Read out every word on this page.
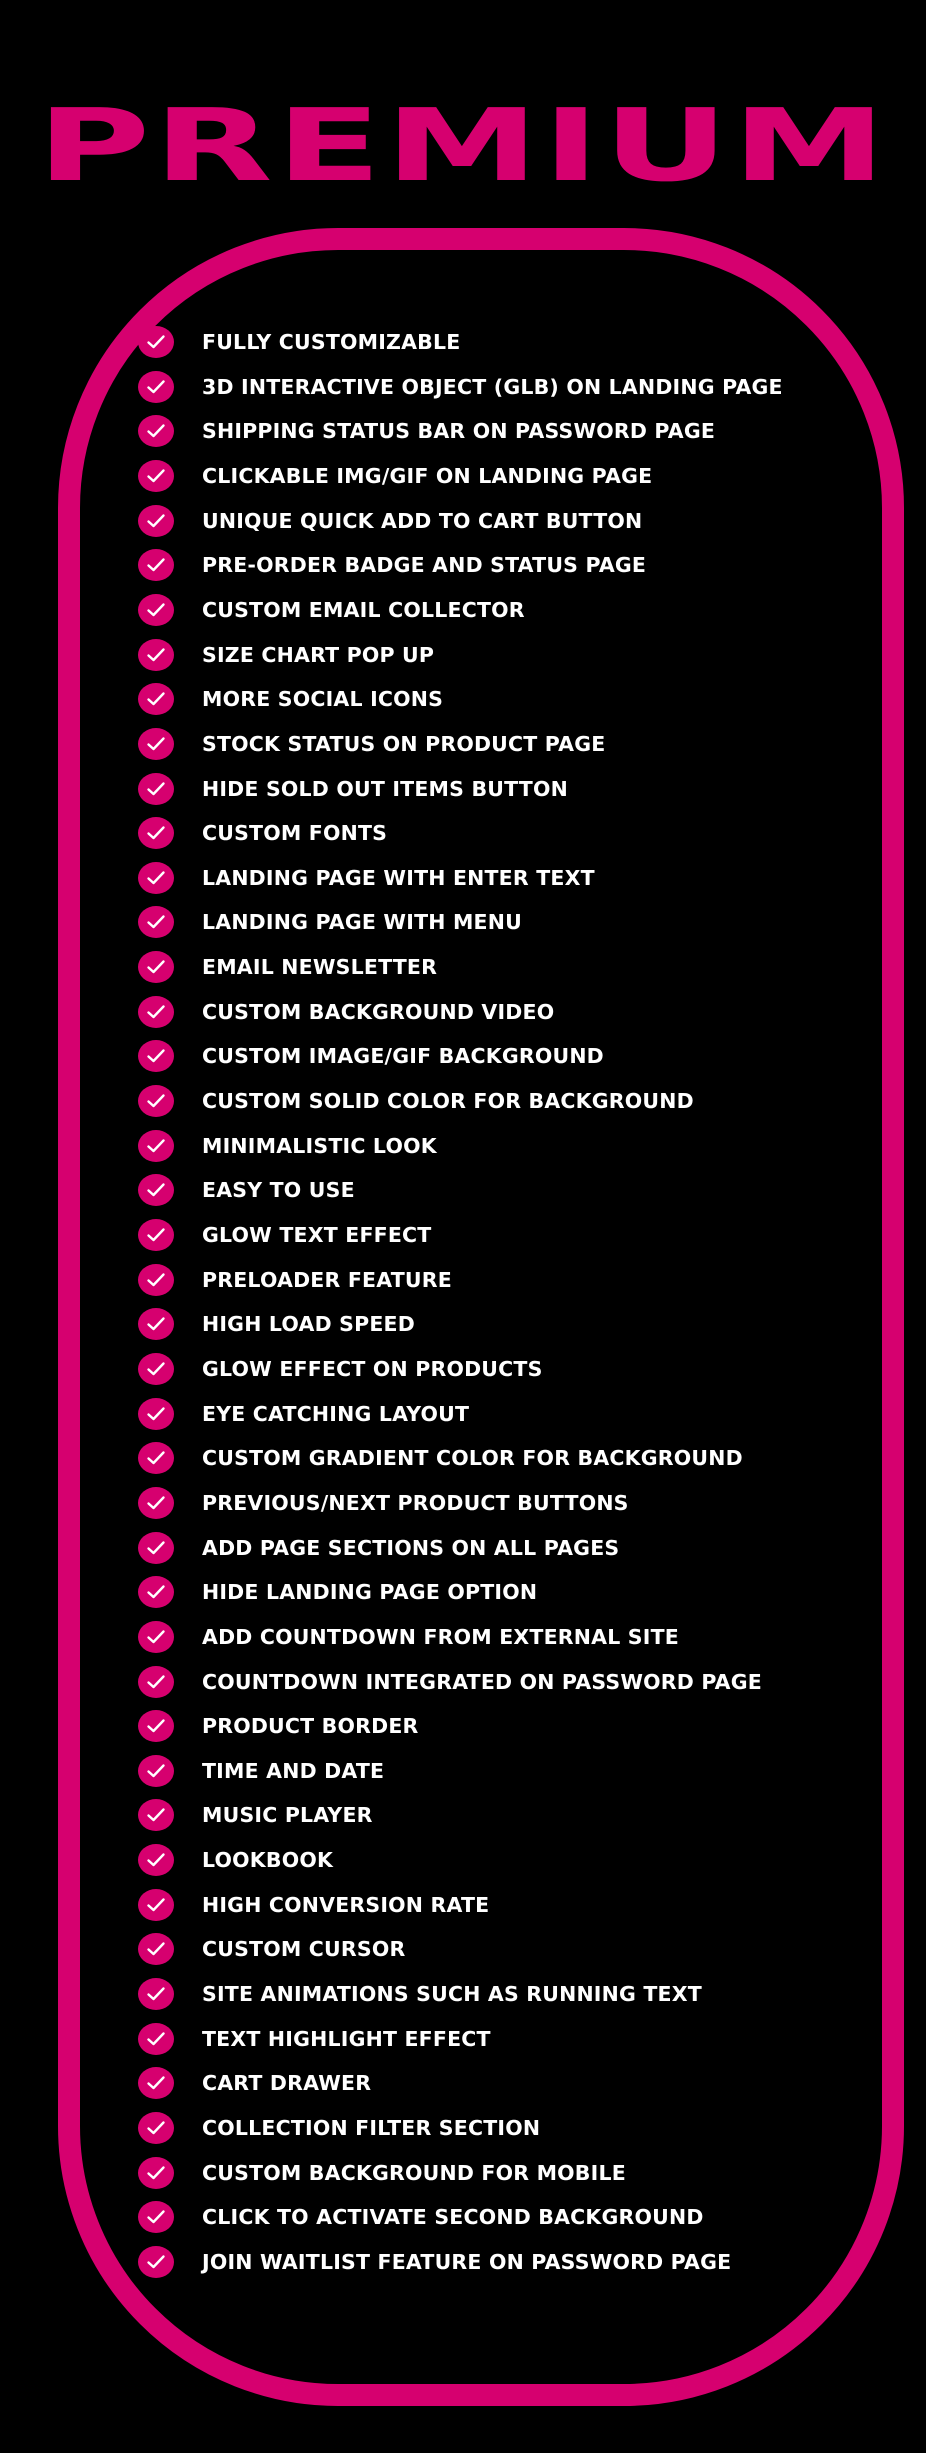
PREMIUM
FULLY CUSTOMIZABLE
3D INTERACTIVE OBJECT (GLB) ON LANDING PAGE
SHIPPING STATUS BAR ON PASSWORD PAGE
CLICKABLE IMG/GIF ON LANDING PAGE
UNIQUE QUICK ADD TO CART BUTTON
PRE-ORDER BADGE AND STATUS PAGE
CUSTOM EMAIL COLLECTOR
SIZE CHART POP UP
MORE SOCIAL ICONS
STOCK STATUS ON PRODUCT PAGE
HIDE SOLD OUT ITEMS BUTTON
CUSTOM FONTS
LANDING PAGE WITH ENTER TEXT
LANDING PAGE WITH MENU
EMAIL NEWSLETTER
CUSTOM BACKGROUND VIDEO
CUSTOM IMAGE/GIF BACKGROUND
CUSTOM SOLID COLOR FOR BACKGROUND
MINIMALISTIC LOOK
EASY TO USE
GLOW TEXT EFFECT
PRELOADER FEATURE
HIGH LOAD SPEED
GLOW EFFECT ON PRODUCTS
EYE CATCHING LAYOUT
CUSTOM GRADIENT COLOR FOR BACKGROUND
PREVIOUS/NEXT PRODUCT BUTTONS
ADD PAGE SECTIONS ON ALL PAGES
HIDE LANDING PAGE OPTION
ADD COUNTDOWN FROM EXTERNAL SITE
COUNTDOWN INTEGRATED ON PASSWORD PAGE
PRODUCT BORDER
TIME AND DATE
MUSIC PLAYER
LOOKBOOK
HIGH CONVERSION RATE
CUSTOM CURSOR
SITE ANIMATIONS SUCH AS RUNNING TEXT
TEXT HIGHLIGHT EFFECT
CART DRAWER
COLLECTION FILTER SECTION
CUSTOM BACKGROUND FOR MOBILE
CLICK TO ACTIVATE SECOND BACKGROUND
JOIN WAITLIST FEATURE ON PASSWORD PAGE
